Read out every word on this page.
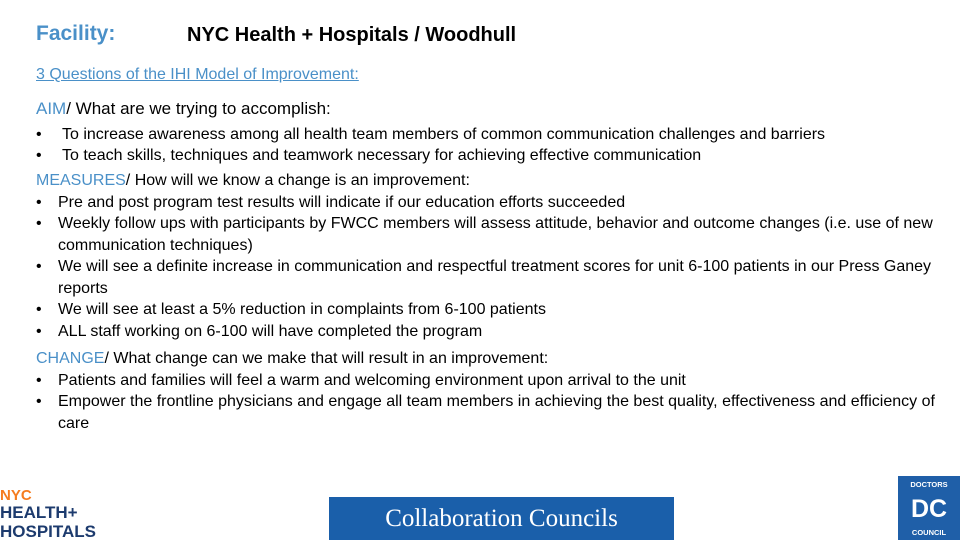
Facility:	NYC Health + Hospitals / Woodhull
3 Questions of the IHI Model of Improvement:
AIM/ What are we trying to accomplish:
• To increase awareness among all health team members of common communication challenges and barriers
• To teach skills, techniques and teamwork necessary for achieving effective communication
MEASURES/ How will we know a change is an improvement:
• Pre and post program test results will indicate if our education efforts succeeded
• Weekly follow ups with participants by FWCC members will assess attitude, behavior and outcome changes (i.e. use of new communication techniques)
• We will see a definite increase in communication and respectful treatment scores for unit 6-100 patients in our Press Ganey reports
• We will see at least a 5% reduction in complaints from 6-100 patients
• ALL staff working on 6-100 will have completed the program
CHANGE/ What change can we make that will result in an improvement:
• Patients and families will feel a warm and welcoming environment upon arrival to the unit
• Empower the frontline physicians and engage all team members in achieving the best quality, effectiveness and efficiency of care
NYC
HEALTH+
HOSPITALS	Collaboration Councils
DOCTORS
DC
COUNCIL
